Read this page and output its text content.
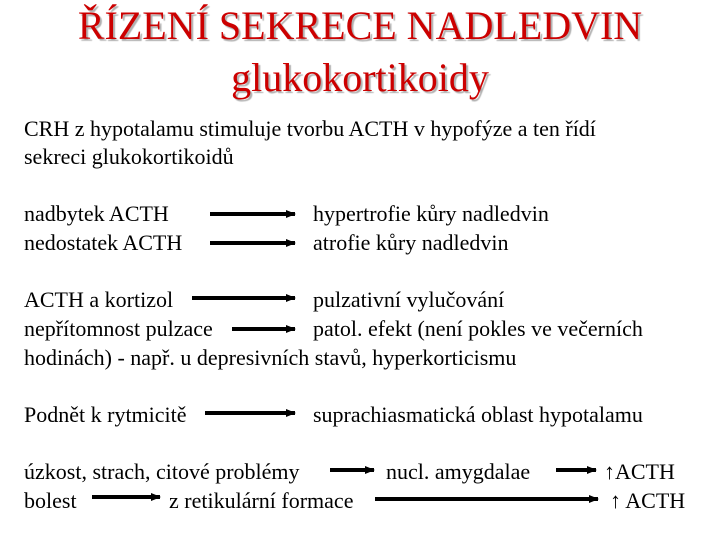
ŘÍZENÍ SEKRECE NADLEDVIN
glukokortikoidy
CRH z hypotalamu stimuluje tvorbu ACTH v hypofýze a ten řídí
sekreci glukokortikoidů
nadbytek ACTH	hypertrofie kůry nadledvin
nedostatek ACTH	atrofie kůry nadledvin
ACTH a kortizol	pulzativní vylučování
nepřítomnost pulzace	patol. efekt (není pokles ve večerních
hodinách) - např. u depresivních stavů, hyperkorticismu
Podnět k rytmicitě	suprachiasmatická oblast hypotalamu
úzkost, strach, citové problémy	nucl. amygdalae	↑ACTH
bolest	z retikulární formace	↑ ACTH
